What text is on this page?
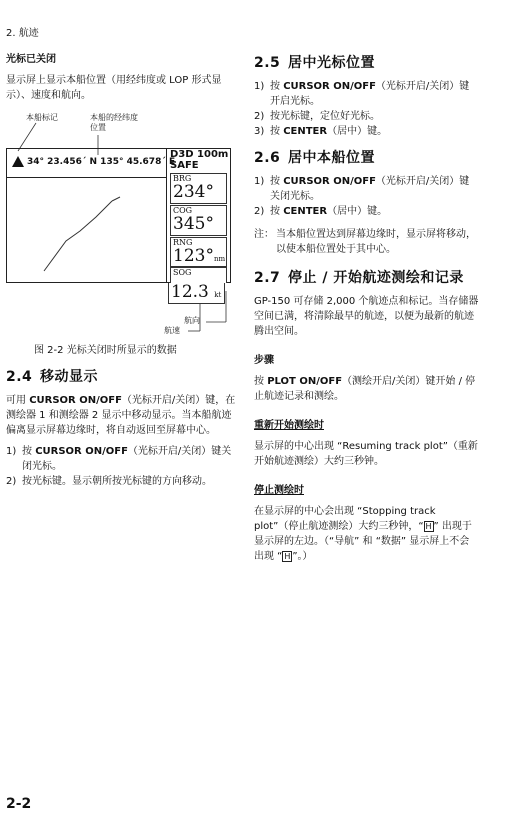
2. 航迹
光标已关闭

显示屏上显示本船位置（用经纬度或 LOP 形式显示）、速度和航向。

本船标记	本船的经纬度
位置
34° 23.456´ N 135° 45.678´ E
D3D 100m
SAFE
BRG
234°
COG
345°
RNG
123°nm
SOG
12.3 kt
航向
航速
图 2-2 光标关闭时所显示的数据
2.4 移动显示

可用 CURSOR ON/OFF（光标开启/关闭）键，在测绘器 1 和测绘器 2 显示中移动显示。当本船航迹偏离显示屏幕边缘时，将自动返回至屏幕中心。

1) 按 CURSOR ON/OFF（光标开启/关闭）键关闭光标。
2) 按光标键。显示朝所按光标键的方向移动。
2.5 居中光标位置
1) 按 CURSOR ON/OFF（光标开启/关闭）键开启光标。
2) 按光标键，定位好光标。
3) 按 CENTER（居中）键。
2.6 居中本船位置
1) 按 CURSOR ON/OFF（光标开启/关闭）键关闭光标。
2) 按 CENTER（居中）键。

注： 当本船位置达到屏幕边缘时，显示屏将移动，以使本船位置处于其中心。

2.7 停止 / 开始航迹测绘和记录

GP-150 可存储 2,000 个航迹点和标记。当存储器空间已满，将清除最早的航迹，以便为最新的航迹腾出空间。

步骤

按 PLOT ON/OFF（测绘开启/关闭）键开始 / 停止航迹记录和测绘。

重新开始测绘时

显示屏的中心出现 “Resuming track plot”（重新开始航迹测绘）大约三秒钟。

停止测绘时

在显示屏的中心会出现 “Stopping track plot”（停止航迹测绘）大约三秒钟，“ H ” 出现于显示屏的左边。（“导航” 和 “数据” 显示屏上不会出现 “ H ”。）

2-2
